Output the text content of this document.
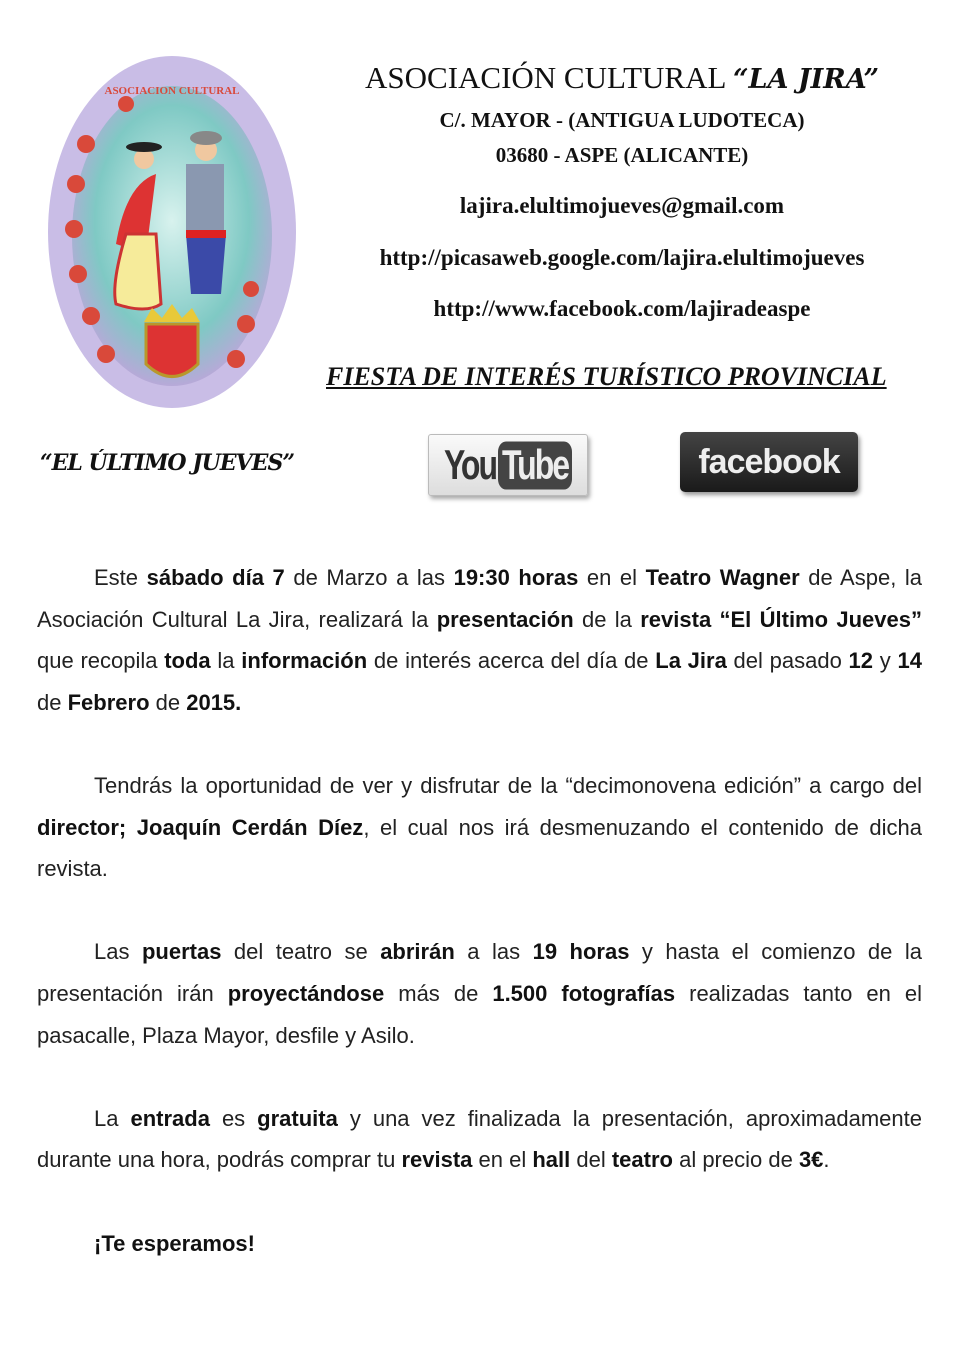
ASOCIACION CULTURAL	ASOCIACIÓN CULTURAL “LA JIRA”
C/. MAYOR - (ANTIGUA LUDOTECA)
03680 - ASPE (ALICANTE)
lajira.elultimojueves@gmail.com
http://picasaweb.google.com/lajira.elultimojueves
http://www.facebook.com/lajiradeaspe
FIESTA DE INTERÉS TURÍSTICO PROVINCIAL
“EL ÚLTIMO JUEVES”	You Tube	facebook

Este sábado día 7 de Marzo a las 19:30 horas en el Teatro Wagner de Aspe, la Asociación Cultural La Jira, realizará la presentación de la revista “El Último Jueves” que recopila toda la información de interés acerca del día de La Jira del pasado 12 y 14 de Febrero de 2015.

Tendrás la oportunidad de ver y disfrutar de la “decimonovena edición” a cargo del director; Joaquín Cerdán Díez, el cual nos irá desmenuzando el contenido de dicha revista.

Las puertas del teatro se abrirán a las 19 horas y hasta el comienzo de la presentación irán proyectándose más de 1.500 fotografías realizadas tanto en el pasacalle, Plaza Mayor, desfile y Asilo.

La entrada es gratuita y una vez finalizada la presentación, aproximadamente durante una hora, podrás comprar tu revista en el hall del teatro al precio de 3€.

¡Te esperamos!
